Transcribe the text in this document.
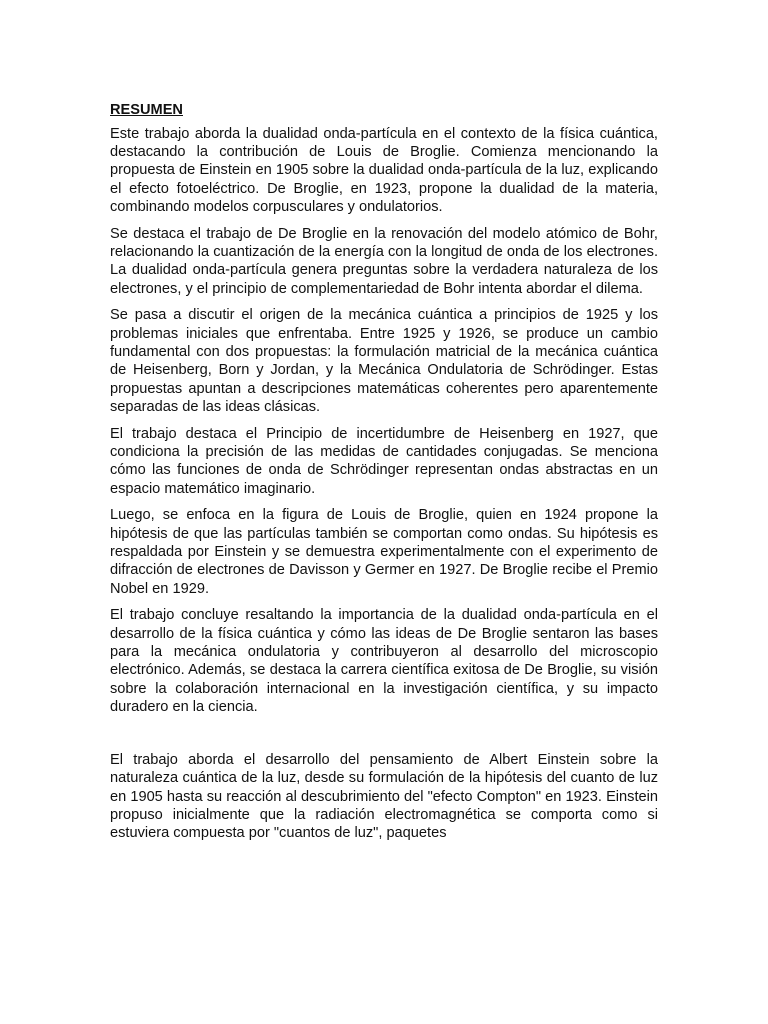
RESUMEN

Este trabajo aborda la dualidad onda-partícula en el contexto de la física cuántica, destacando la contribución de Louis de Broglie. Comienza mencionando la propuesta de Einstein en 1905 sobre la dualidad onda-partícula de la luz, explicando el efecto fotoeléctrico. De Broglie, en 1923, propone la dualidad de la materia, combinando modelos corpusculares y ondulatorios.

Se destaca el trabajo de De Broglie en la renovación del modelo atómico de Bohr, relacionando la cuantización de la energía con la longitud de onda de los electrones. La dualidad onda-partícula genera preguntas sobre la verdadera naturaleza de los electrones, y el principio de complementariedad de Bohr intenta abordar el dilema.

Se pasa a discutir el origen de la mecánica cuántica a principios de 1925 y los problemas iniciales que enfrentaba. Entre 1925 y 1926, se produce un cambio fundamental con dos propuestas: la formulación matricial de la mecánica cuántica de Heisenberg, Born y Jordan, y la Mecánica Ondulatoria de Schrödinger. Estas propuestas apuntan a descripciones matemáticas coherentes pero aparentemente separadas de las ideas clásicas.

El trabajo destaca el Principio de incertidumbre de Heisenberg en 1927, que condiciona la precisión de las medidas de cantidades conjugadas. Se menciona cómo las funciones de onda de Schrödinger representan ondas abstractas en un espacio matemático imaginario.

Luego, se enfoca en la figura de Louis de Broglie, quien en 1924 propone la hipótesis de que las partículas también se comportan como ondas. Su hipótesis es respaldada por Einstein y se demuestra experimentalmente con el experimento de difracción de electrones de Davisson y Germer en 1927. De Broglie recibe el Premio Nobel en 1929.

El trabajo concluye resaltando la importancia de la dualidad onda-partícula en el desarrollo de la física cuántica y cómo las ideas de De Broglie sentaron las bases para la mecánica ondulatoria y contribuyeron al desarrollo del microscopio electrónico. Además, se destaca la carrera científica exitosa de De Broglie, su visión sobre la colaboración internacional en la investigación científica, y su impacto duradero en la ciencia.

El trabajo aborda el desarrollo del pensamiento de Albert Einstein sobre la naturaleza cuántica de la luz, desde su formulación de la hipótesis del cuanto de luz en 1905 hasta su reacción al descubrimiento del "efecto Compton" en 1923. Einstein propuso inicialmente que la radiación electromagnética se comporta como si estuviera compuesta por "cuantos de luz", paquetes
